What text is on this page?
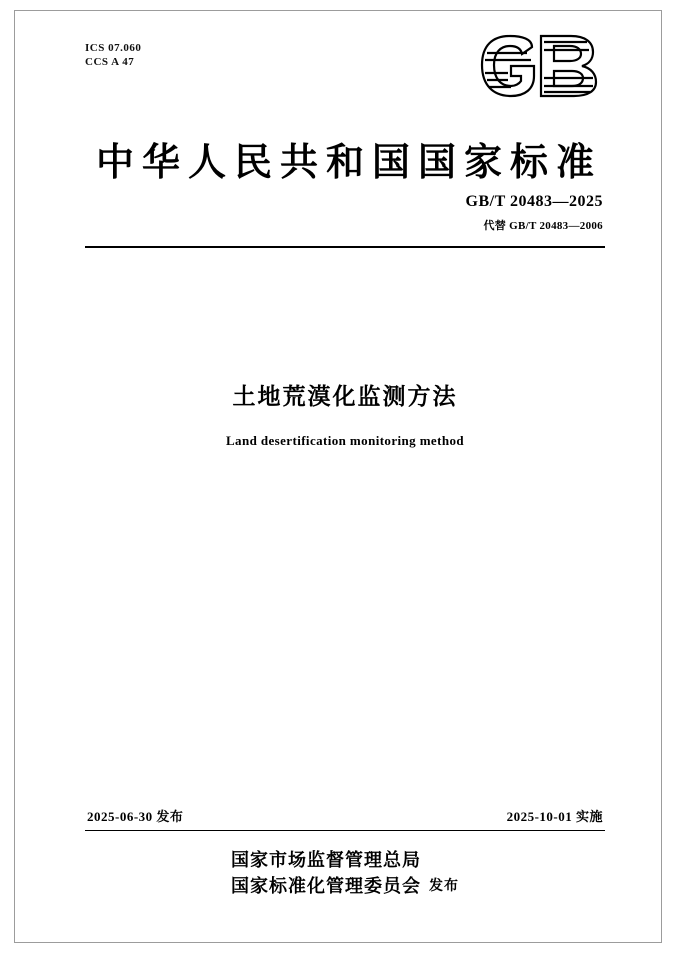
ICS 07.060
CCS A 47
中华人民共和国国家标准
GB/T 20483—2025
代替 GB/T 20483—2006
土地荒漠化监测方法
Land desertification monitoring method
2025-06-30 发布	2025-10-01 实施
国家市场监督管理总局
国家标准化管理委员会 发布
